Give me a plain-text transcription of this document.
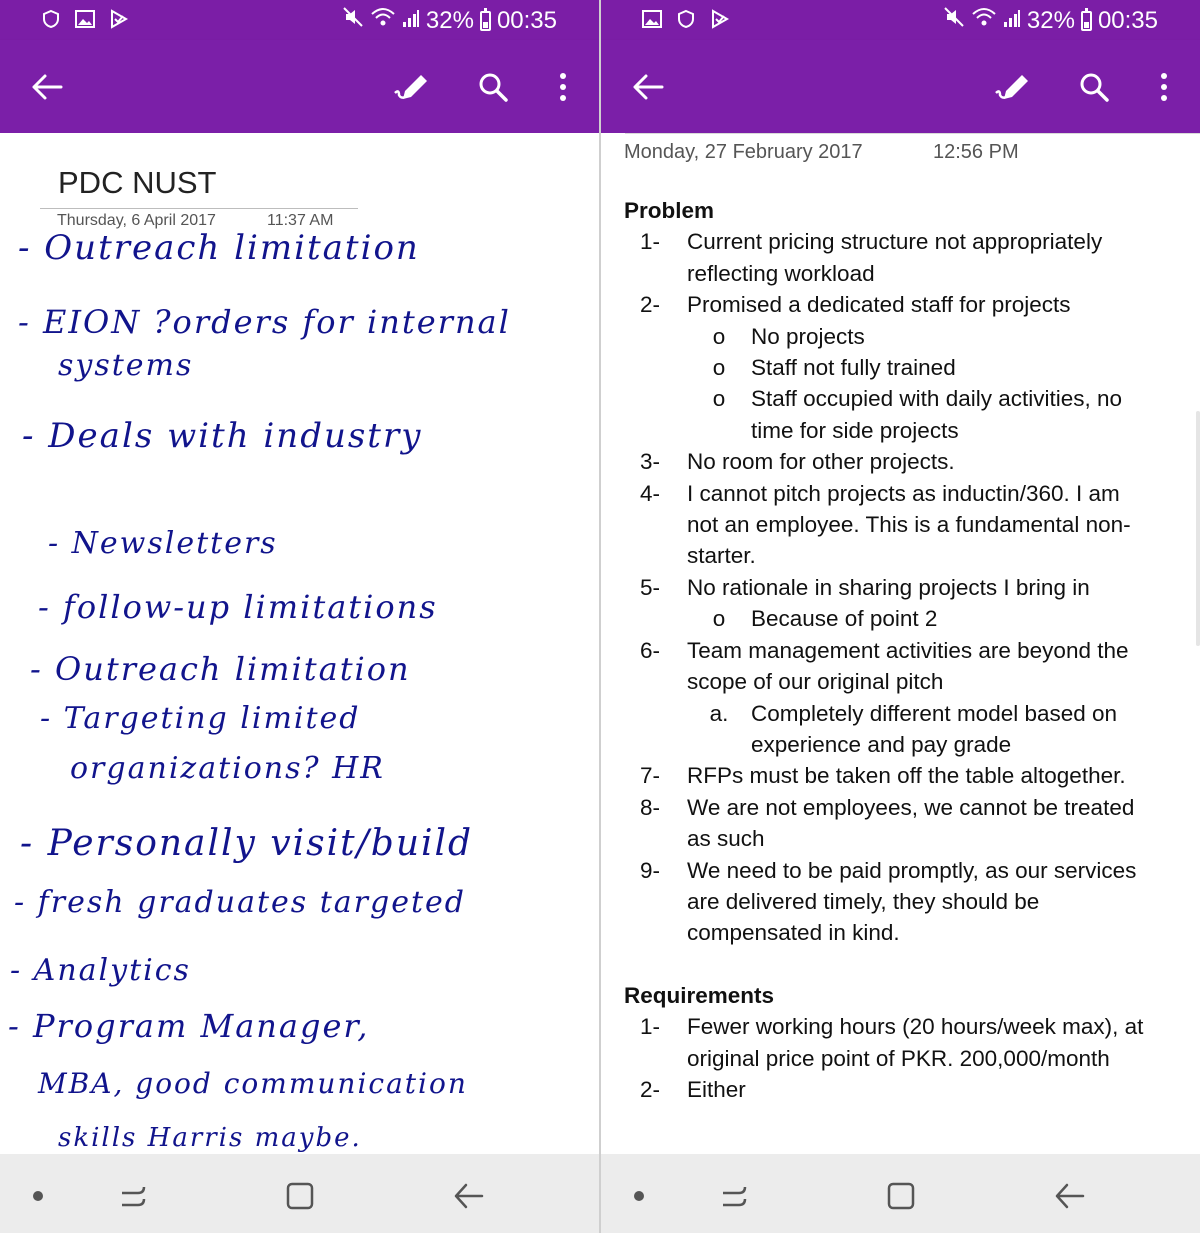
32% 00:35
PDC NUST
Thursday, 6 April 2017	11:37 AM
- Outreach limitation
- EION ?orders for internal
systems
- Deals with industry
- Newsletters
- follow-up limitations
- Outreach limitation
- Targeting limited
organizations? HR
- Personally visit/build
- fresh graduates targeted
- Analytics
- Program Manager,
MBA, good communication
skills Harris maybe.
32% 00:35
Monday, 27 February 2017	12:56 PM
Problem
1-	Current pricing structure not appropriately reflecting workload
2-	Promised a dedicated staff for projects
o	No projects
o	Staff not fully trained
o	Staff occupied with daily activities, no time for side projects
3-	No room for other projects.
4-	I cannot pitch projects as inductin/360. I am not an employee. This is a fundamental non-starter.
5-	No rationale in sharing projects I bring in
o	Because of point 2
6-	Team management activities are beyond the scope of our original pitch
a.	Completely different model based on experience and pay grade
7-	RFPs must be taken off the table altogether.
8-	We are not employees, we cannot be treated as such
9-	We need to be paid promptly, as our services are delivered timely, they should be compensated in kind.
Requirements
1-	Fewer working hours (20 hours/week max), at original price point of PKR. 200,000/month
2-	Either
